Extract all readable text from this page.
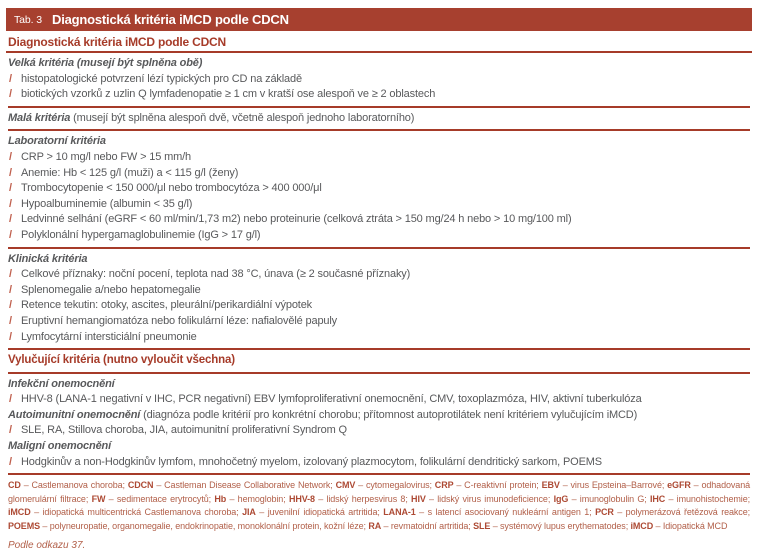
Tab. 3 Diagnostická kritéria iMCD podle CDCN
Diagnostická kritéria iMCD podle CDCN
Velká kritéria (musejí být splněna obě)
/ histopatologické potvrzení lézí typických pro CD na základě
/ biotických vzorků z uzlin Q lymfadenopatie ≥ 1 cm v kratší ose alespoň ve ≥ 2 oblastech
Malá kritéria (musejí být splněna alespoň dvě, včetně alespoň jednoho laboratorního)
Laboratorní kritéria
/ CRP > 10 mg/l nebo FW > 15 mm/h
/ Anemie: Hb < 125 g/l (muži) a < 115 g/l (ženy)
/ Trombocytopenie < 150 000/μl nebo trombocytóza > 400 000/μl
/ Hypoalbuminemie (albumin < 35 g/l)
/ Ledvinné selhání (eGRF < 60 ml/min/1,73 m2) nebo proteinurie (celková ztráta > 150 mg/24 h nebo > 10 mg/100 ml)
/ Polyklonální hypergamaglobulinemie (IgG > 17 g/l)
Klinická kritéria
/ Celkové příznaky: noční pocení, teplota nad 38 °C, únava (≥ 2 současné příznaky)
/ Splenomegalie a/nebo hepatomegalie
/ Retence tekutin: otoky, ascites, pleurální/perikardiální výpotek
/ Eruptivní hemangiomatóza nebo folikulární léze: nafialovělé papuly
/ Lymfocytární intersticiální pneumonie
Vylučující kritéria (nutno vyloučit všechna)
Infekční onemocnění
/ HHV-8 (LANA-1 negativní v IHC, PCR negativní) EBV lymfoproliferativní onemocnění, CMV, toxoplazmóza, HIV, aktivní tuberkulóza
Autoimunitní onemocnění (diagnóza podle kritérií pro konkrétní chorobu; přítomnost autoprotilátek není kritériem vylučujícím iMCD)
/ SLE, RA, Stillova choroba, JIA, autoimunitní proliferativní Syndrom Q
Maligní onemocnění
/ Hodgkinův a non-Hodgkinův lymfom, mnohočetný myelom, izolovaný plazmocytom, folikulární dendritický sarkom, POEMS
CD – Castlemanova choroba; CDCN – Castleman Disease Collaborative Network; CMV – cytomegalovirus; CRP – C-reaktivní protein; EBV – virus Epsteina–Barrové; eGFR – odhadovaná glomerulární filtrace; FW – sedimentace erytrocytů; Hb – hemoglobin; HHV-8 – lidský herpesvirus 8; HIV – lidský virus imunodeficience; IgG – imunoglobulin G; IHC – imunohistochemie; iMCD – idiopatická multicentrická Castlemanova choroba; JIA – juvenilní idiopatická artritida; LANA-1 – s latencí asociovaný nukleární antigen 1; PCR – polymerázová řetězová reakce; POEMS – polyneuropatie, organomegalie, endokrinopatie, monoklonální protein, kožní léze; RA – revmatoidní artritida; SLE – systémový lupus erythematodes; iMCD – Idiopatická MCD
Podle odkazu 37.
